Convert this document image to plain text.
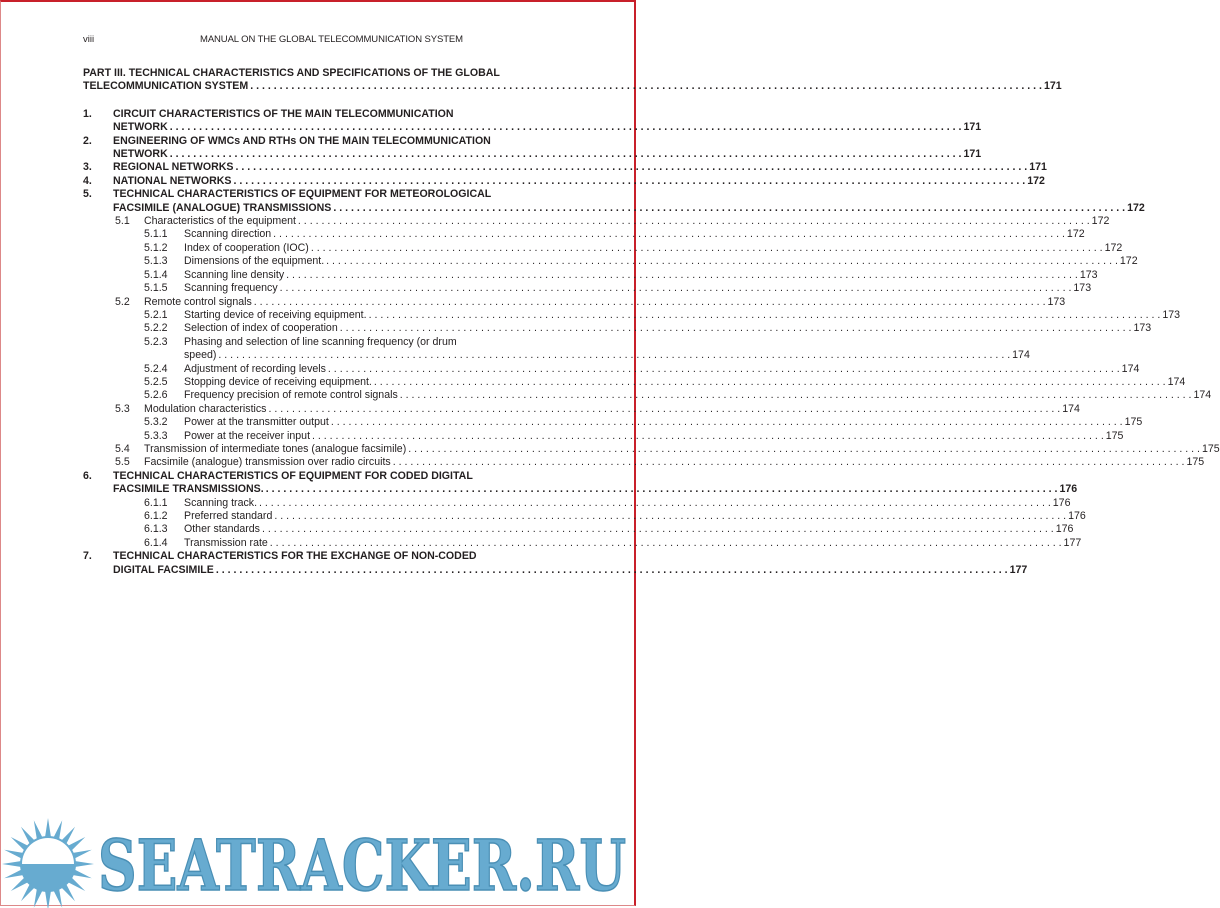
viii	MANUAL ON THE GLOBAL TELECOMMUNICATION SYSTEM
PART III. TECHNICAL CHARACTERISTICS AND SPECIFICATIONS OF THE GLOBAL
TELECOMMUNICATION SYSTEM . . .	171
1.	CIRCUIT CHARACTERISTICS OF THE MAIN TELECOMMUNICATION
NETWORK . . .	171
2.	ENGINEERING OF WMCs AND RTHs ON THE MAIN TELECOMMUNICATION
NETWORK . . .	171
3.	REGIONAL NETWORKS . . .	171
4.	NATIONAL NETWORKS . . .	172
5.	TECHNICAL CHARACTERISTICS OF EQUIPMENT FOR METEOROLOGICAL
FACSIMILE (ANALOGUE) TRANSMISSIONS . . .	172
5.1	Characteristics of the equipment . . .	172
5.1.1	Scanning direction . . .	172
5.1.2	Index of cooperation (IOC) . . .	172
5.1.3	Dimensions of the equipment. . . .	172
5.1.4	Scanning line density . . .	173
5.1.5	Scanning frequency . . .	173
5.2	Remote control signals . . .	173
5.2.1	Starting device of receiving equipment. . . .	173
5.2.2	Selection of index of cooperation . . .	173
5.2.3	Phasing and selection of line scanning frequency (or drum
speed) . . .	174
5.2.4	Adjustment of recording levels . . .	174
5.2.5	Stopping device of receiving equipment. . . .	174
5.2.6	Frequency precision of remote control signals . . .	174
5.3	Modulation characteristics . . .	174
5.3.2	Power at the transmitter output . . .	175
5.3.3	Power at the receiver input . . .	175
5.4	Transmission of intermediate tones (analogue facsimile) . . .	175
5.5	Facsimile (analogue) transmission over radio circuits . . .	175
6.	TECHNICAL CHARACTERISTICS OF EQUIPMENT FOR CODED DIGITAL
FACSIMILE TRANSMISSIONS. . . .	176
6.1.1	Scanning track. . . .	176
6.1.2	Preferred standard . . .	176
6.1.3	Other standards . . .	176
6.1.4	Transmission rate . . .	177
7.	TECHNICAL CHARACTERISTICS FOR THE EXCHANGE OF NON-CODED
DIGITAL FACSIMILE . . .	177
SEATRACKER.RU
